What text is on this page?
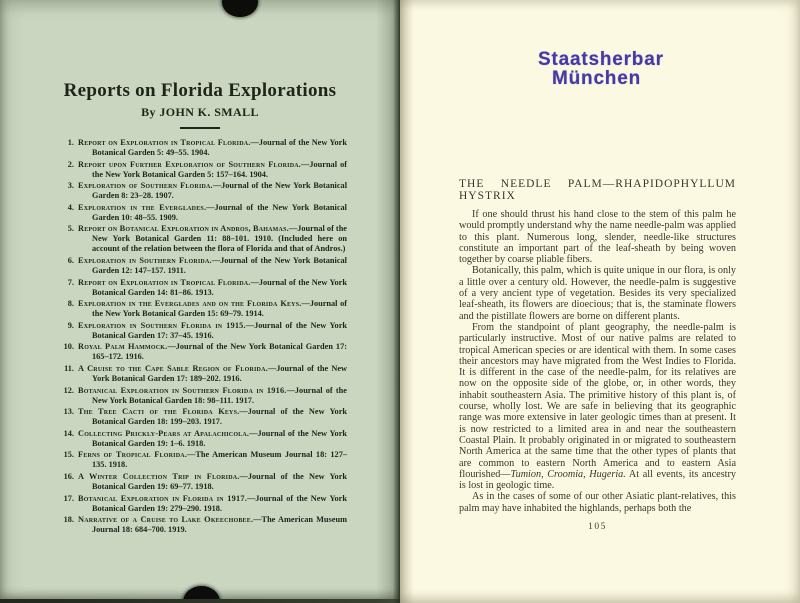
Reports on Florida Explorations
By JOHN K. SMALL
1. Report on Exploration in Tropical Florida.—Journal of the New York Botanical Garden 5: 49–55. 1904.
2. Report upon Further Exploration of Southern Florida.—Journal of the New York Botanical Garden 5: 157–164. 1904.
3. Exploration of Southern Florida.—Journal of the New York Botanical Garden 8: 23–28. 1907.
4. Exploration in the Everglades.—Journal of the New York Botanical Garden 10: 48–55. 1909.
5. Report on Botanical Exploration in Andros, Bahamas.—Journal of the New York Botanical Garden 11: 88–101. 1910. (Included here on account of the relation between the flora of Florida and that of Andros.)
6. Exploration in Southern Florida.—Journal of the New York Botanical Garden 12: 147–157. 1911.
7. Report on Exploration in Tropical Florida.—Journal of the New York Botanical Garden 14: 81–86. 1913.
8. Exploration in the Everglades and on the Florida Keys.—Journal of the New York Botanical Garden 15: 69–79. 1914.
9. Exploration in Southern Florida in 1915.—Journal of the New York Botanical Garden 17: 37–45. 1916.
10. Royal Palm Hammock.—Journal of the New York Botanical Garden 17: 165–172. 1916.
11. A Cruise to the Cape Sable Region of Florida.—Journal of the New York Botanical Garden 17: 189–202. 1916.
12. Botanical Exploration in Southern Florida in 1916.—Journal of the New York Botanical Garden 18: 98–111. 1917.
13. The Tree Cacti of the Florida Keys.—Journal of the New York Botanical Garden 18: 199–203. 1917.
14. Collecting Prickly-Pears at Apalachicola.—Journal of the New York Botanical Garden 19: 1–6. 1918.
15. Ferns of Tropical Florida.—The American Museum Journal 18: 127–135. 1918.
16. A Winter Collection Trip in Florida.—Journal of the New York Botanical Garden 19: 69–77. 1918.
17. Botanical Exploration in Florida in 1917.—Journal of the New York Botanical Garden 19: 279–290. 1918.
18. Narrative of a Cruise to Lake Okeechobee.—The American Museum Journal 18: 684–700. 1919.
Staatsherbar
München
THE NEEDLE PALM—RHAPIDOPHYLLUM HYSTRIX

If one should thrust his hand close to the stem of this palm he would promptly understand why the name needle-palm was applied to this plant. Numerous long, slender, needle-like structures constitute an important part of the leaf-sheath by being woven together by coarse pliable fibers.

Botanically, this palm, which is quite unique in our flora, is only a little over a century old. However, the needle-palm is suggestive of a very ancient type of vegetation. Besides its very specialized leaf-sheath, its flowers are dioecious; that is, the staminate flowers and the pistillate flowers are borne on different plants.

From the standpoint of plant geography, the needle-palm is particularly instructive. Most of our native palms are related to tropical American species or are identical with them. In some cases their ancestors may have migrated from the West Indies to Florida. It is different in the case of the needle-palm, for its relatives are now on the opposite side of the globe, or, in other words, they inhabit southeastern Asia. The primitive history of this plant is, of course, wholly lost. We are safe in believing that its geographic range was more extensive in later geologic times than at present. It is now restricted to a limited area in and near the southeastern Coastal Plain. It probably originated in or migrated to southeastern North America at the same time that the other types of plants that are common to eastern North America and to eastern Asia flourished—Tumion, Croomia, Hugeria. At all events, its ancestry is lost in geologic time.

As in the cases of some of our other Asiatic plant-relatives, this palm may have inhabited the highlands, perhaps both the

105
